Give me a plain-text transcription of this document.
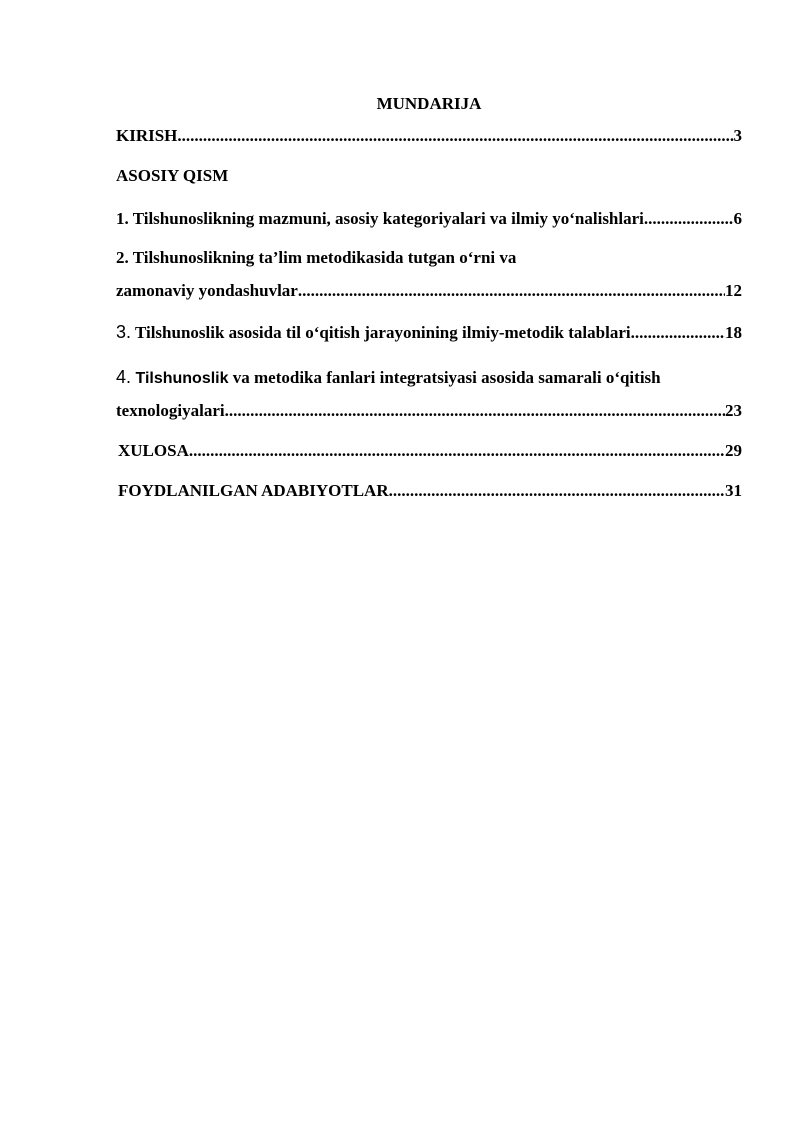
MUNDARIJA
KIRISH .....	3
ASOSIY QISM
1. Tilshunoslikning mazmuni, asosiy kategoriyalari va ilmiy yo‘nalishlari .....	6
2. Tilshunoslikning ta’lim metodikasida tutgan o‘rni va
zamonaviy yondashuvlar .....	12
3. Tilshunoslik asosida til o‘qitish jarayonining ilmiy-metodik talablari .....	18
4. Tilshunoslik va metodika fanlari integratsiyasi asosida samarali o‘qitish
texnologiyalari .....	23
XULOSA .....	29
FOYDLANILGAN ADABIYOTLAR .....	31
